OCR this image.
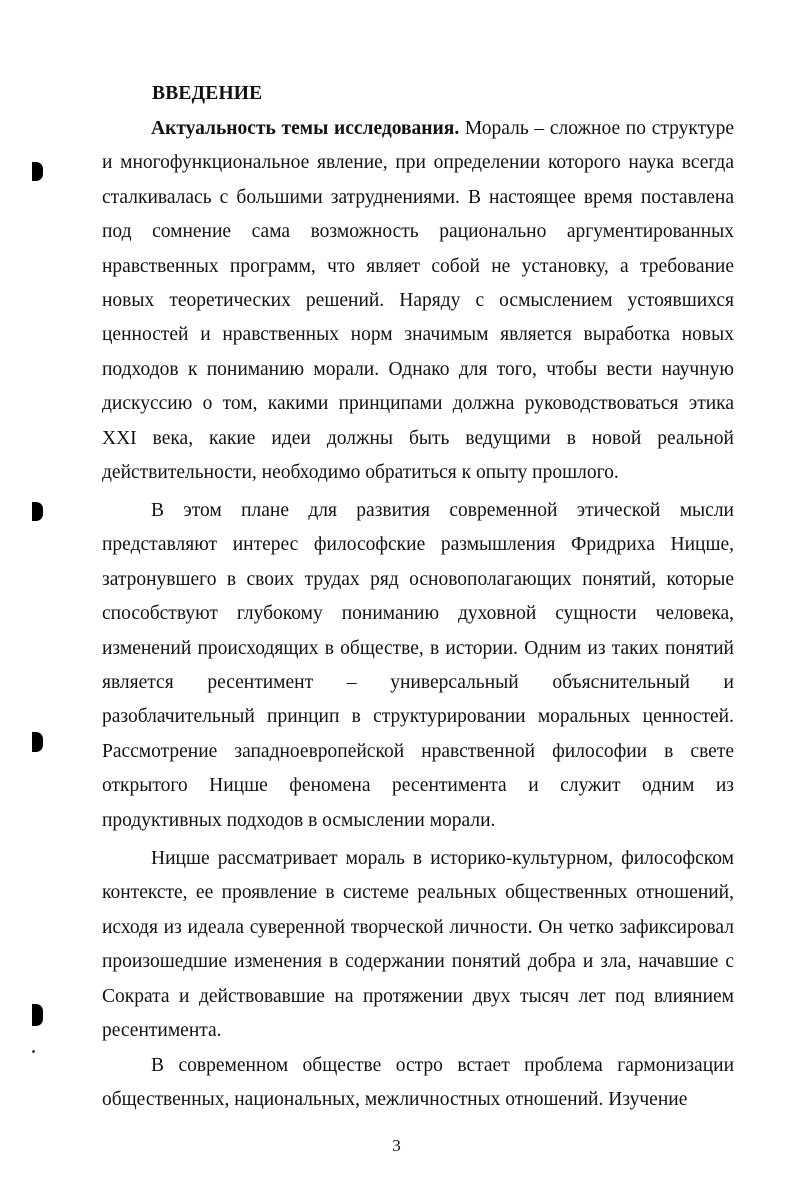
ВВЕДЕНИЕ

Актуальность темы исследования. Мораль – сложное по структуре и многофункциональное явление, при определении которого наука всегда сталкивалась с большими затруднениями. В настоящее время поставлена под сомнение сама возможность рационально аргументированных нравственных программ, что являет собой не установку, а требование новых теоретических решений. Наряду с осмыслением устоявшихся ценностей и нравственных норм значимым является выработка новых подходов к пониманию морали. Однако для того, чтобы вести научную дискуссию о том, какими принципами должна руководствоваться этика XXI века, какие идеи должны быть ведущими в новой реальной действительности, необходимо обратиться к опыту прошлого.

В этом плане для развития современной этической мысли представляют интерес философские размышления Фридриха Ницше, затронувшего в своих трудах ряд основополагающих понятий, которые способствуют глубокому пониманию духовной сущности человека, изменений происходящих в обществе, в истории. Одним из таких понятий является ресентимент – универсальный объяснительный и разоблачительный принцип в структурировании моральных ценностей. Рассмотрение западноевропейской нравственной философии в свете открытого Ницше феномена ресентимента и служит одним из продуктивных подходов в осмыслении морали.

Ницше рассматривает мораль в историко-культурном, философском контексте, ее проявление в системе реальных общественных отношений, исходя из идеала суверенной творческой личности. Он четко зафиксировал произошедшие изменения в содержании понятий добра и зла, начавшие с Сократа и действовавшие на протяжении двух тысяч лет под влиянием ресентимента.

В современном обществе остро встает проблема гармонизации общественных, национальных, межличностных отношений. Изучение

3
